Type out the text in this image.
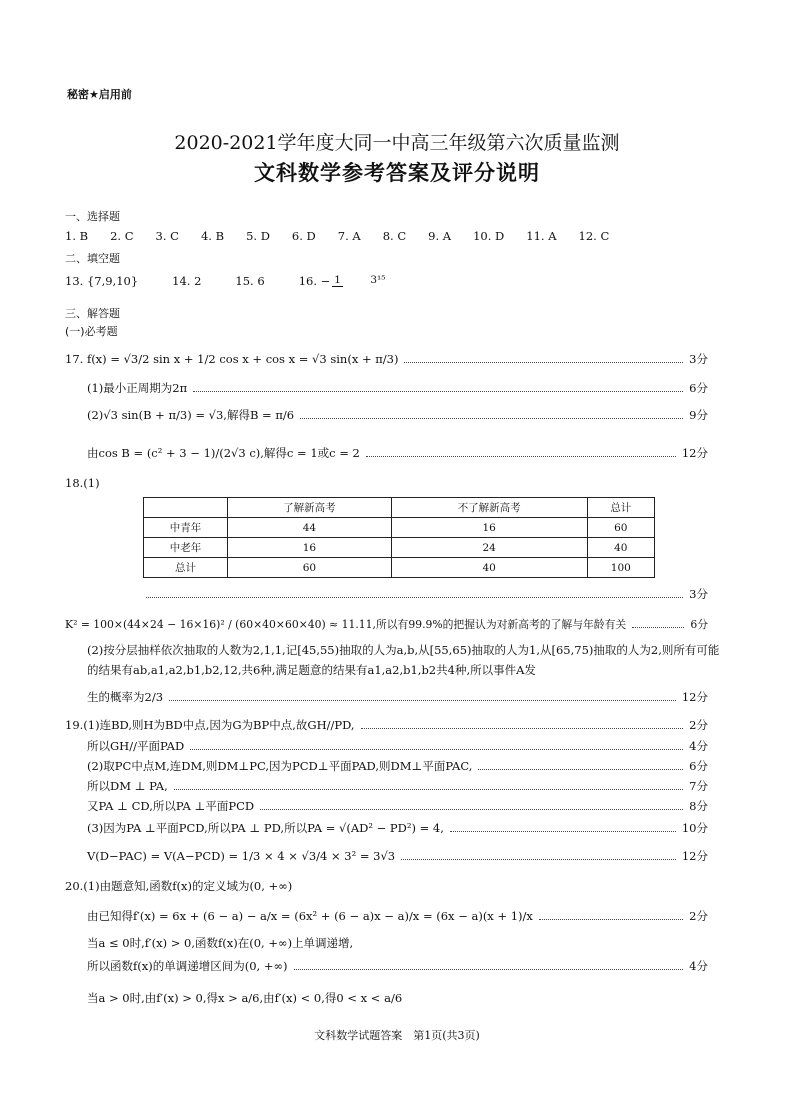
秘密★启用前
2020-2021学年度大同一中高三年级第六次质量监测
文科数学参考答案及评分说明
一、选择题
1. B 2. C 3. C 4. B 5. D 6. D 7. A 8. C 9. A 10. D 11. A 12. C
二、填空题
13. {7,9,10}	14. 2	15. 6	16. − 1	3¹⁵
三、解答题
(一)必考题
17. f(x) = √3/2 sin x + 1/2 cos x + cos x = √3 sin(x + π/3)	3分
(1)最小正周期为2π	6分
(2)√3 sin(B + π/3) = √3,解得B = π/6	9分
由cos B = (c² + 3 − 1)/(2√3 c),解得c = 1或c = 2	12分
18.(1)
	了解新高考	不了解新高考	总计
中青年	44	16	60
中老年	16	24	40
总计	60	40	100
3分
K² = 100×(44×24 − 16×16)² / (60×40×60×40) ≈ 11.11,所以有99.9%的把握认为对新高考的了解与年龄有关	6分
(2)按分层抽样依次抽取的人数为2,1,1,记[45,55)抽取的人为a,b,从[55,65)抽取的人为1,从[65,75)抽取的人为2,则所有可能的结果有ab,a1,a2,b1,b2,12,共6种,满足题意的结果有a1,a2,b1,b2共4种,所以事件A发
生的概率为2/3	12分
19.(1)连BD,则H为BD中点,因为G为BP中点,故GH//PD,	2分
所以GH//平面PAD	4分
(2)取PC中点M,连DM,则DM⊥PC,因为PCD⊥平面PAD,则DM⊥平面PAC,	6分
所以DM ⊥ PA,	7分
又PA ⊥ CD,所以PA ⊥平面PCD	8分
(3)因为PA ⊥平面PCD,所以PA ⊥ PD,所以PA = √(AD² − PD²) = 4,	10分
V(D−PAC) = V(A−PCD) = 1/3 × 4 × √3/4 × 3² = 3√3	12分
20.(1)由题意知,函数f(x)的定义域为(0, +∞)
由已知得f′(x) = 6x + (6 − a) − a/x = (6x² + (6 − a)x − a)/x = (6x − a)(x + 1)/x	2分
当a ≤ 0时,f′(x) > 0,函数f(x)在(0, +∞)上单调递增,
所以函数f(x)的单调递增区间为(0, +∞)	4分
当a > 0时,由f′(x) > 0,得x > a/6,由f′(x) < 0,得0 < x < a/6
文科数学试题答案　第1页(共3页)
